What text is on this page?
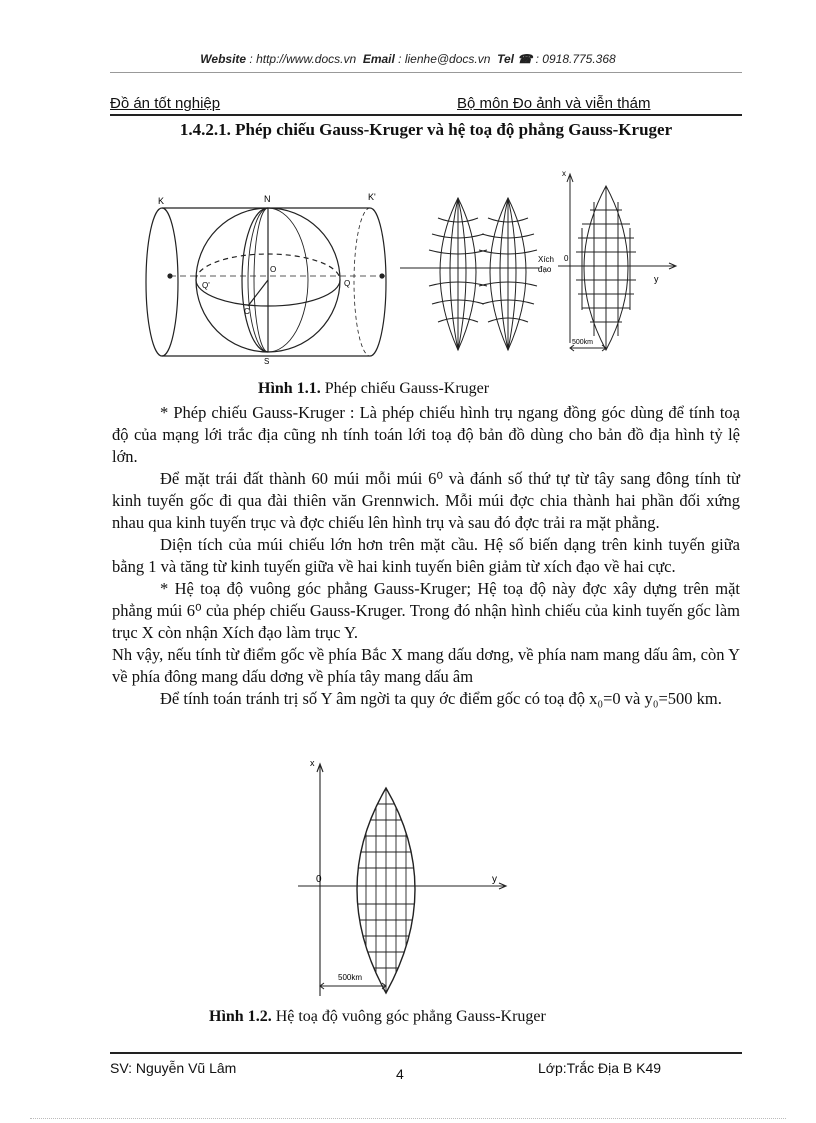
Website : http://www.docs.vn Email : lienhe@docs.vn Tel ☎ : 0918.775.368
Đồ án tốt nghiệp	Bộ môn Đo ảnh và viễn thám
1.4.2.1. Phép chiếu Gauss-Kruger và hệ toạ độ phẳng Gauss-Kruger
K	K'
N
S
O
Q
Q'
C
Xích
đạo
x
y
0
500km
Hình 1.1. Phép chiếu Gauss-Kruger

* Phép chiếu Gauss-Kruger : Là phép chiếu hình trụ ngang đồng góc dùng để tính toạ độ của mạng lới trắc địa cũng nh tính toán lới toạ độ bản đồ dùng cho bản đồ địa hình tỷ lệ lớn.

Để mặt trái đất thành 60 múi mỗi múi 6⁰ và đánh số thứ tự từ tây sang đông tính từ kinh tuyến gốc đi qua đài thiên văn Grennwich. Mỗi múi đợc chia thành hai phần đối xứng nhau qua kinh tuyến trục và đợc chiếu lên hình trụ và sau đó đợc trải ra mặt phẳng.

Diện tích của múi chiếu lớn hơn trên mặt cầu. Hệ số biến dạng trên kinh tuyến giữa bằng 1 và tăng từ kinh tuyến giữa về hai kinh tuyến biên giảm từ xích đạo về hai cực.

* Hệ toạ độ vuông góc phẳng Gauss-Kruger; Hệ toạ độ này đợc xây dựng trên mặt phẳng múi 6⁰ của phép chiếu Gauss-Kruger. Trong đó nhận hình chiếu của kinh tuyến gốc làm trục X còn nhận Xích đạo làm trục Y.

Nh vậy, nếu tính từ điểm gốc về phía Bắc X mang dấu dơng, về phía nam mang dấu âm, còn Y về phía đông mang dấu dơng về phía tây mang dấu âm

Để tính toán tránh trị số Y âm ngời ta quy ớc điểm gốc có toạ độ x₀=0 và y₀=500 km.

x
0	y
500km
Hình 1.2. Hệ toạ độ vuông góc phẳng Gauss-Kruger
SV: Nguyễn Vũ Lâm	4	Lớp:Trắc Địa B K49
